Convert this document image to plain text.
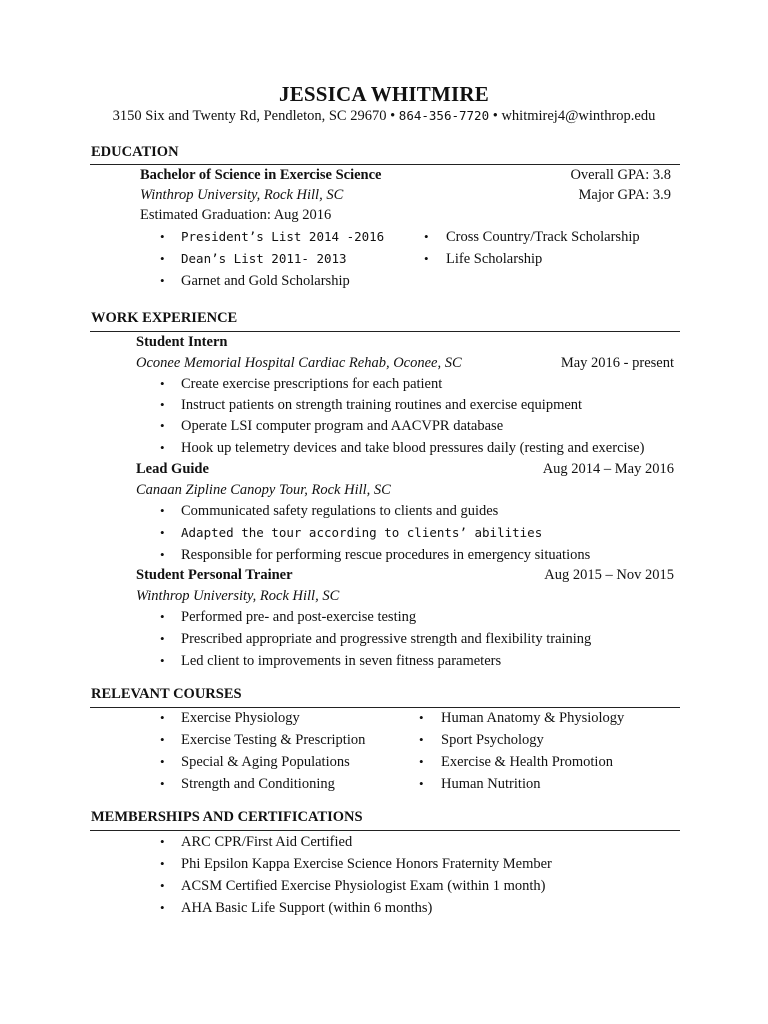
JESSICA WHITMIRE
3150 Six and Twenty Rd, Pendleton, SC 29670 • 864-356-7720 • whitmirej4@winthrop.edu
EDUCATION
Bachelor of Science in Exercise Science	Overall GPA: 3.8
Winthrop University, Rock Hill, SC	Major GPA: 3.9
Estimated Graduation: Aug 2016
• President’s List 2014 -2016
• Dean’s List 2011- 2013
• Garnet and Gold Scholarship
• Cross Country/Track Scholarship
• Life Scholarship
WORK EXPERIENCE
Student Intern
Oconee Memorial Hospital Cardiac Rehab, Oconee, SC	May 2016 - present
• Create exercise prescriptions for each patient
• Instruct patients on strength training routines and exercise equipment
• Operate LSI computer program and AACVPR database
• Hook up telemetry devices and take blood pressures daily (resting and exercise)
Lead Guide	Aug 2014 – May 2016
Canaan Zipline Canopy Tour, Rock Hill, SC
• Communicated safety regulations to clients and guides
• Adapted the tour according to clients’ abilities
• Responsible for performing rescue procedures in emergency situations
Student Personal Trainer	Aug 2015 – Nov 2015
Winthrop University, Rock Hill, SC
• Performed pre- and post-exercise testing
• Prescribed appropriate and progressive strength and flexibility training
• Led client to improvements in seven fitness parameters
RELEVANT COURSES
• Exercise Physiology
• Exercise Testing & Prescription
• Special & Aging Populations
• Strength and Conditioning
• Human Anatomy & Physiology
• Sport Psychology
• Exercise & Health Promotion
• Human Nutrition
MEMBERSHIPS AND CERTIFICATIONS
• ARC CPR/First Aid Certified
• Phi Epsilon Kappa Exercise Science Honors Fraternity Member
• ACSM Certified Exercise Physiologist Exam (within 1 month)
• AHA Basic Life Support (within 6 months)
